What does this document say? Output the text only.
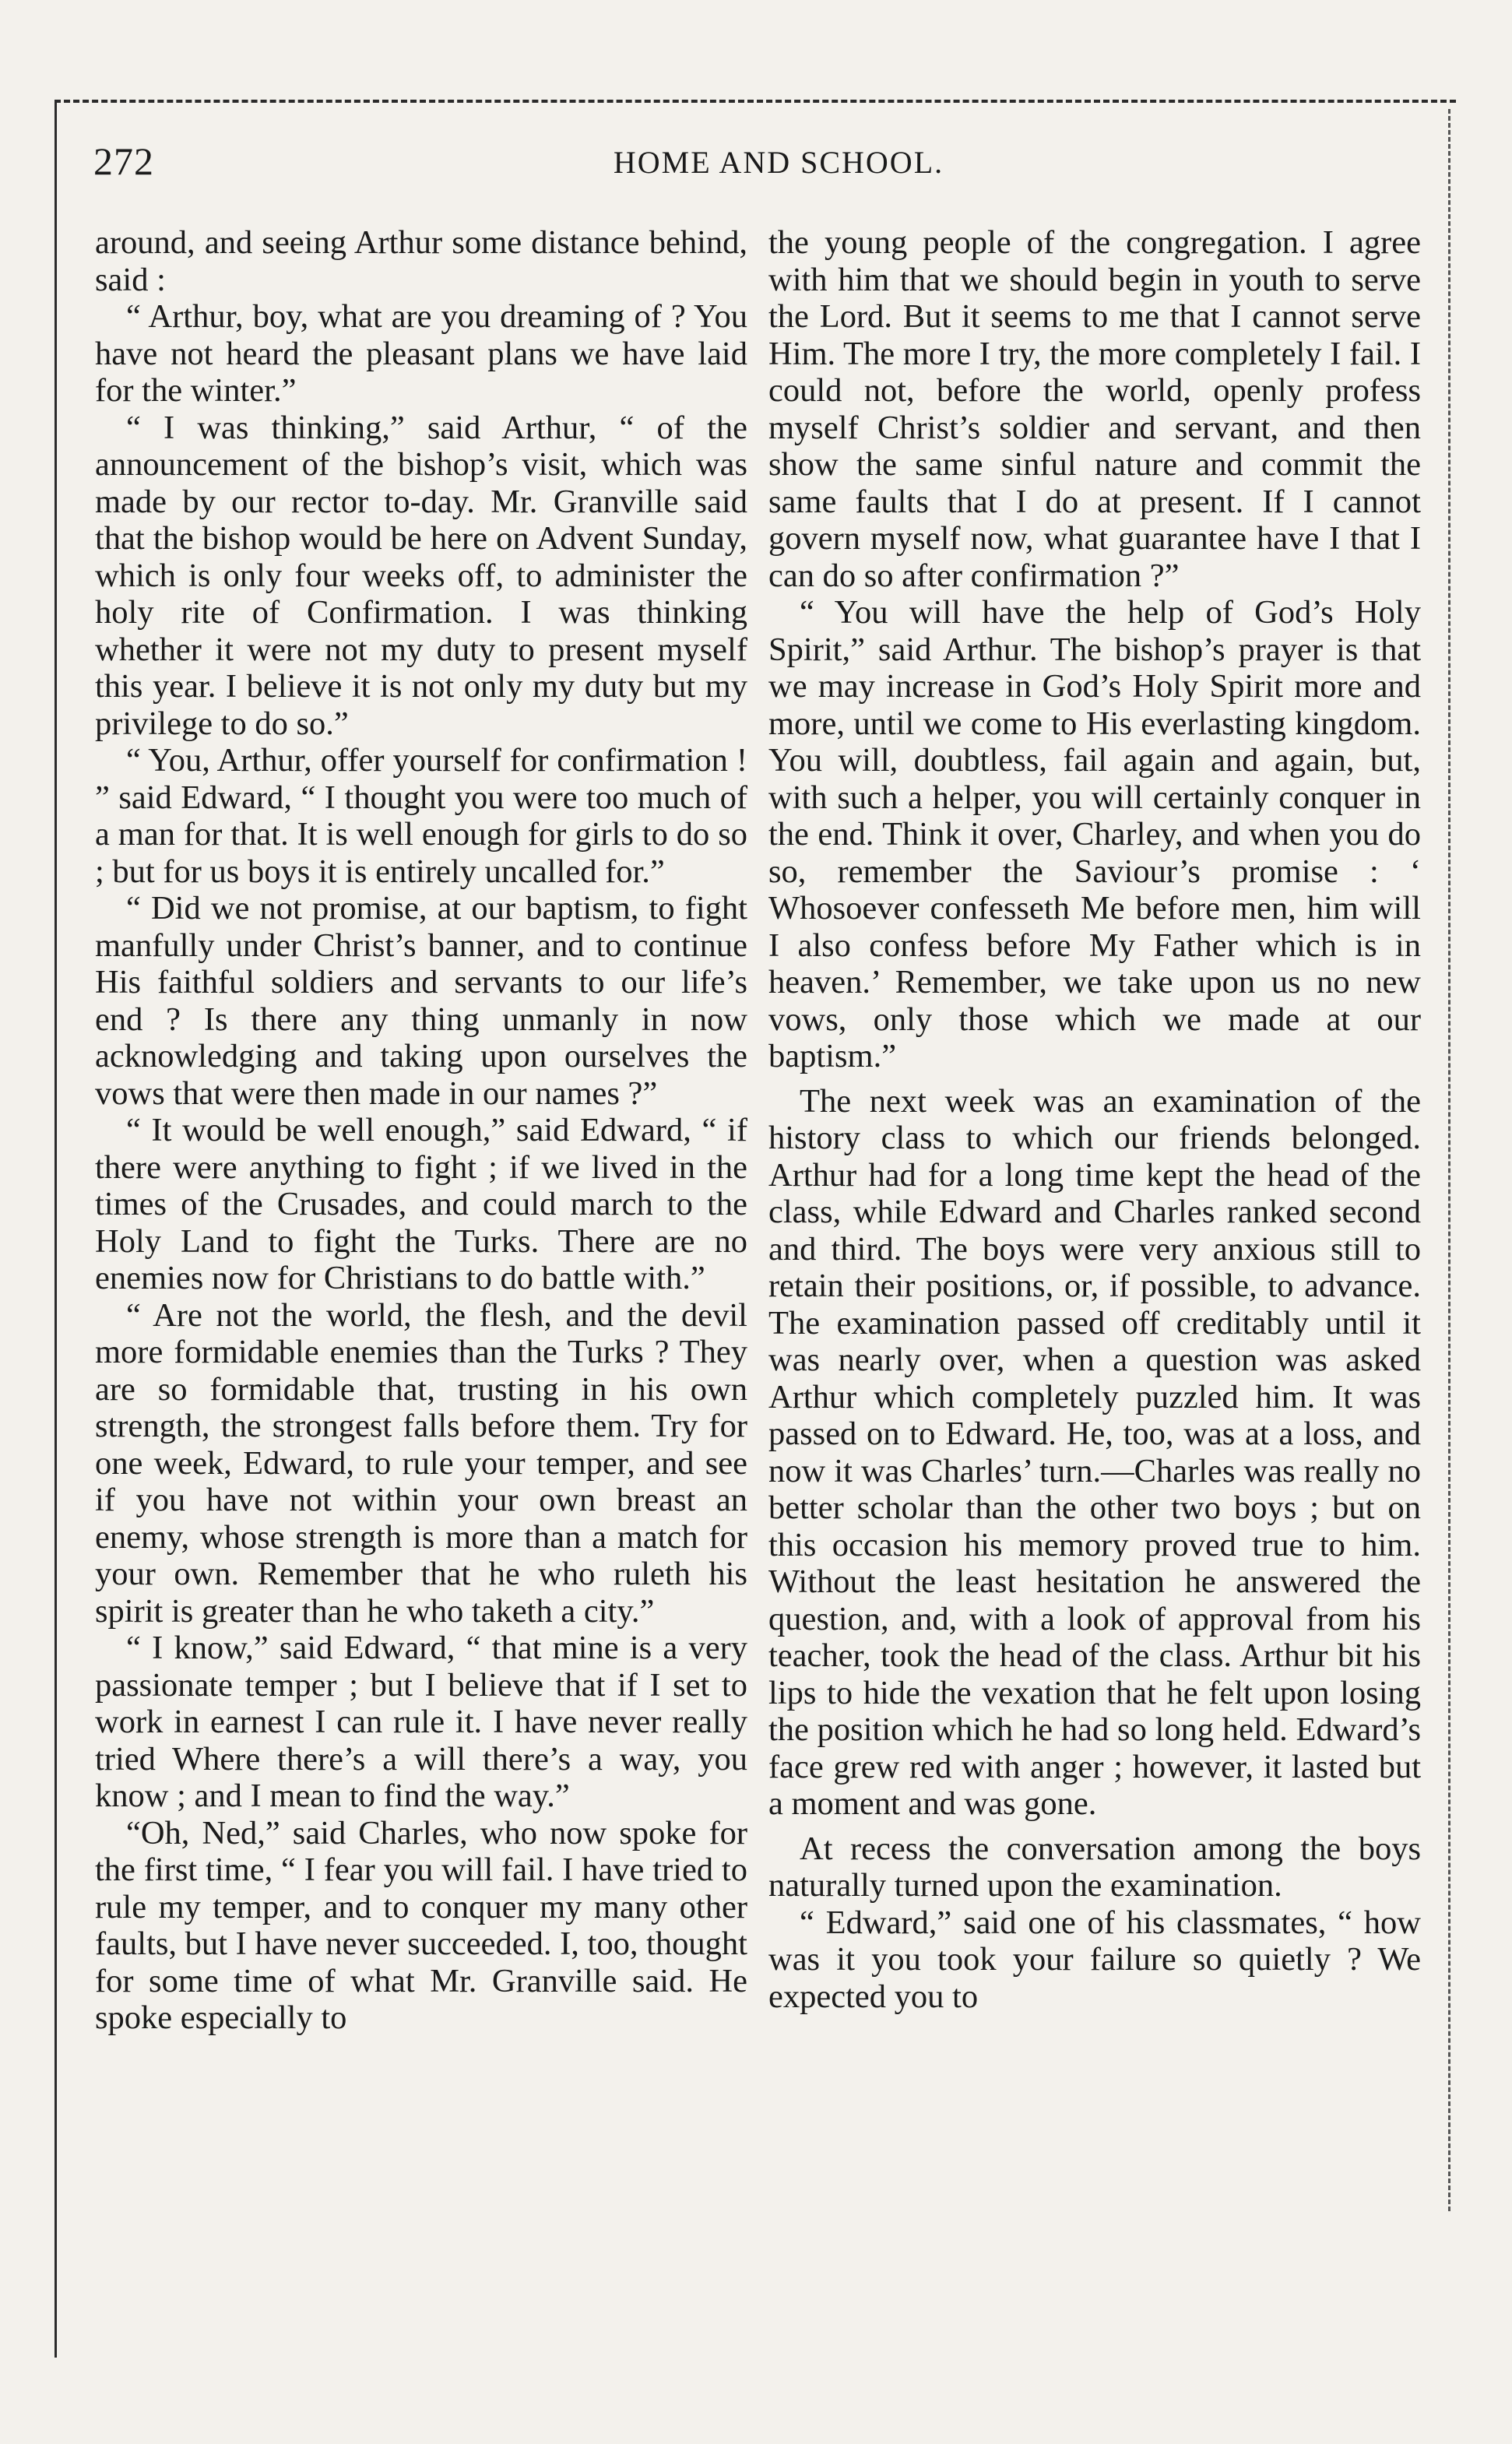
272	HOME AND SCHOOL.

around, and seeing Arthur some distance behind, said :

“ Arthur, boy, what are you dreaming of ? You have not heard the pleasant plans we have laid for the winter.”

“ I was thinking,” said Arthur, “ of the announcement of the bishop’s visit, which was made by our rector to-day. Mr. Granville said that the bishop would be here on Advent Sunday, which is only four weeks off, to administer the holy rite of Confirmation. I was thinking whether it were not my duty to present myself this year. I believe it is not only my duty but my privilege to do so.”

“ You, Arthur, offer yourself for confirmation ! ” said Edward, “ I thought you were too much of a man for that. It is well enough for girls to do so ; but for us boys it is entirely uncalled for.”

“ Did we not promise, at our baptism, to fight manfully under Christ’s banner, and to continue His faithful soldiers and servants to our life’s end ? Is there any thing unmanly in now acknowledging and taking upon ourselves the vows that were then made in our names ?”

“ It would be well enough,” said Edward, “ if there were anything to fight ; if we lived in the times of the Crusades, and could march to the Holy Land to fight the Turks. There are no enemies now for Christians to do battle with.”

“ Are not the world, the flesh, and the devil more formidable enemies than the Turks ? They are so formidable that, trusting in his own strength, the strongest falls before them. Try for one week, Edward, to rule your temper, and see if you have not within your own breast an enemy, whose strength is more than a match for your own. Remember that he who ruleth his spirit is greater than he who taketh a city.”

“ I know,” said Edward, “ that mine is a very passionate temper ; but I believe that if I set to work in earnest I can rule it. I have never really tried Where there’s a will there’s a way, you know ; and I mean to find the way.”

“Oh, Ned,” said Charles, who now spoke for the first time, “ I fear you will fail. I have tried to rule my temper, and to conquer my many other faults, but I have never succeeded. I, too, thought for some time of what Mr. Granville said. He spoke especially to

the young people of the congregation. I agree with him that we should begin in youth to serve the Lord. But it seems to me that I cannot serve Him. The more I try, the more completely I fail. I could not, before the world, openly profess myself Christ’s soldier and servant, and then show the same sinful nature and commit the same faults that I do at present. If I cannot govern myself now, what guarantee have I that I can do so after confirmation ?”

“ You will have the help of God’s Holy Spirit,” said Arthur. The bishop’s prayer is that we may increase in God’s Holy Spirit more and more, until we come to His everlasting kingdom. You will, doubtless, fail again and again, but, with such a helper, you will certainly conquer in the end. Think it over, Charley, and when you do so, remember the Saviour’s promise : ‘ Whosoever confesseth Me before men, him will I also confess before My Father which is in heaven.’ Remember, we take upon us no new vows, only those which we made at our baptism.”

The next week was an examination of the history class to which our friends belonged. Arthur had for a long time kept the head of the class, while Edward and Charles ranked second and third. The boys were very anxious still to retain their positions, or, if possible, to advance. The examination passed off creditably until it was nearly over, when a question was asked Arthur which completely puzzled him. It was passed on to Edward. He, too, was at a loss, and now it was Charles’ turn.—Charles was really no better scholar than the other two boys ; but on this occasion his memory proved true to him. Without the least hesitation he answered the question, and, with a look of approval from his teacher, took the head of the class. Arthur bit his lips to hide the vexation that he felt upon losing the position which he had so long held. Edward’s face grew red with anger ; however, it lasted but a moment and was gone.

At recess the conversation among the boys naturally turned upon the examination.

“ Edward,” said one of his classmates, “ how was it you took your failure so quietly ? We expected you to
